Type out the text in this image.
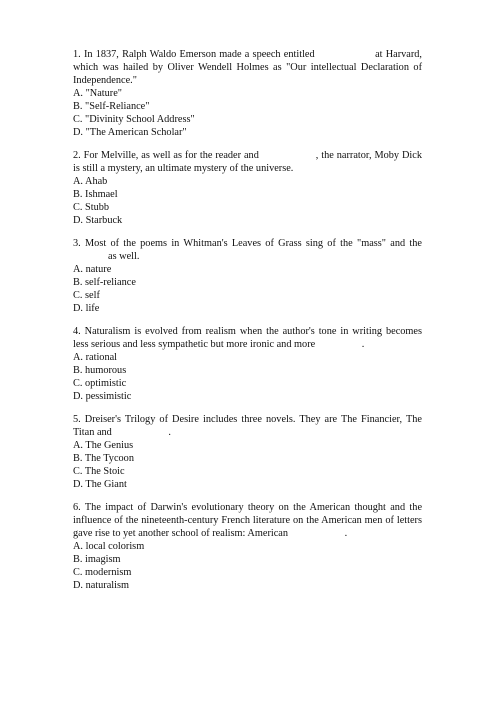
1. In 1837, Ralph Waldo Emerson made a speech entitled	at Harvard, which was hailed by Oliver Wendell Holmes as "Our intellectual Declaration of Independence."

A. "Nature"
B. "Self-Reliance"
C. "Divinity School Address"
D. "The American Scholar"

2. For Melville, as well as for the reader and	, the narrator, Moby Dick is still a mystery, an ultimate mystery of the universe.

A. Ahab
B. Ishmael
C. Stubb
D. Starbuck

3. Most of the poems in Whitman's Leaves of Grass sing of the "mass" and the as well.

A. nature
B. self-reliance
C. self
D. life

4. Naturalism is evolved from realism when the author's tone in writing becomes less serious and less sympathetic but more ironic and more	.

A. rational
B. humorous
C. optimistic
D. pessimistic

5. Dreiser's Trilogy of Desire includes three novels. They are The Financier, The Titan and	.

A. The Genius
B. The Tycoon
C. The Stoic
D. The Giant

6. The impact of Darwin's evolutionary theory on the American thought and the influence of the nineteenth-century French literature on the American men of letters gave rise to yet another school of realism: American	.

A. local colorism
B. imagism
C. modernism
D. naturalism
